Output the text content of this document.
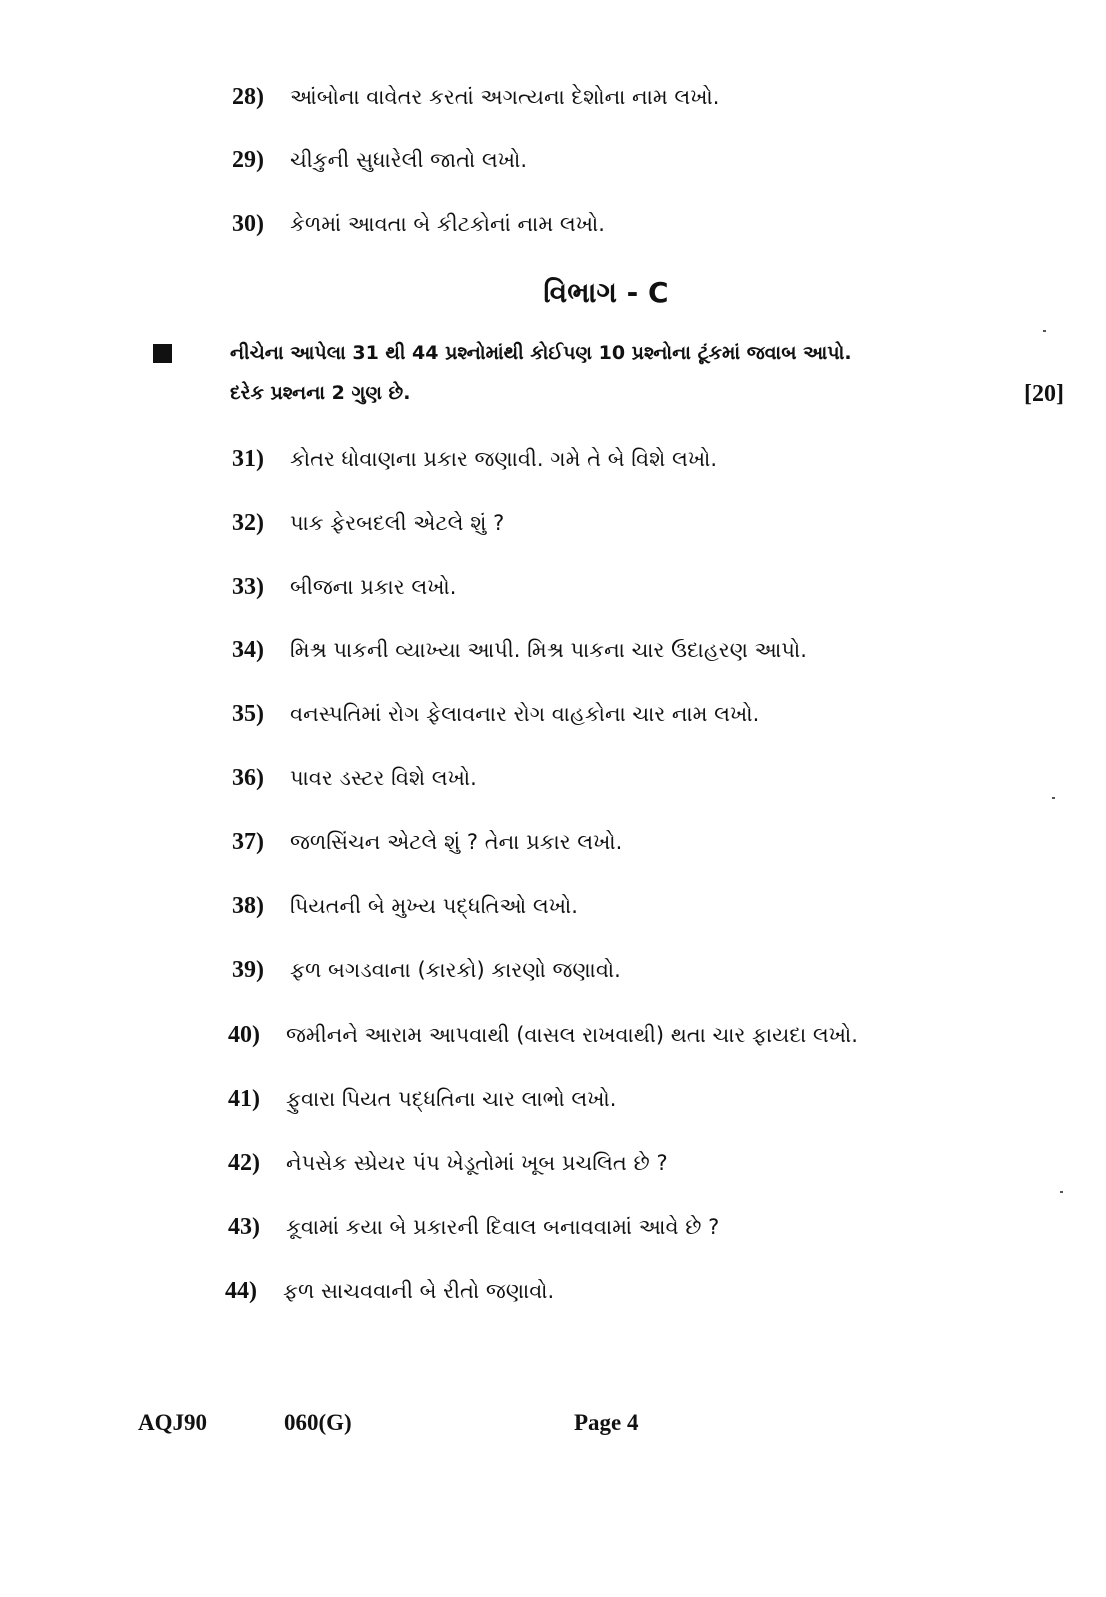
28)	આંબોના વાવેતર કરતાં અગત્યના દેશોના નામ લખો.
29)	ચીકુની સુધારેલી જાતો લખો.
30)	કેળમાં આવતા બે કીટકોનાં નામ લખો.
વિભાગ - C
નીચેના આપેલા 31 થી 44 પ્રશ્નોમાંથી કોઈપણ 10 પ્રશ્નોના ટૂંકમાં જવાબ આપો.
દરેક પ્રશ્નના 2 ગુણ છે.	[20]
31)	કોતર ધોવાણના પ્રકાર જણાવી. ગમે તે બે વિશે લખો.
32)	પાક ફેરબદલી એટલે શું ?
33)	બીજના પ્રકાર લખો.
34)	મિશ્ર પાકની વ્યાખ્યા આપી. મિશ્ર પાકના ચાર ઉદાહરણ આપો.
35)	વનસ્પતિમાં રોગ ફેલાવનાર રોગ વાહકોના ચાર નામ લખો.
36)	પાવર ડસ્ટર વિશે લખો.
37)	જળસિંચન એટલે શું ? તેના પ્રકાર લખો.
38)	પિયતની બે મુખ્ય પદ્ધતિઓ લખો.
39)	ફળ બગડવાના (કારકો) કારણો જણાવો.
40)	જમીનને આરામ આપવાથી (વાસલ રાખવાથી) થતા ચાર ફાયદા લખો.
41)	ફુવારા પિયત પદ્ધતિના ચાર લાભો લખો.
42)	નેપસેક સ્પ્રેયર પંપ ખેડૂતોમાં ખૂબ પ્રચલિત છે ?
43)	કૂવામાં કયા બે પ્રકારની દિવાલ બનાવવામાં આવે છે ?
44)	ફળ સાચવવાની બે રીતો જણાવો.
AQJ90	060(G)	Page 4
